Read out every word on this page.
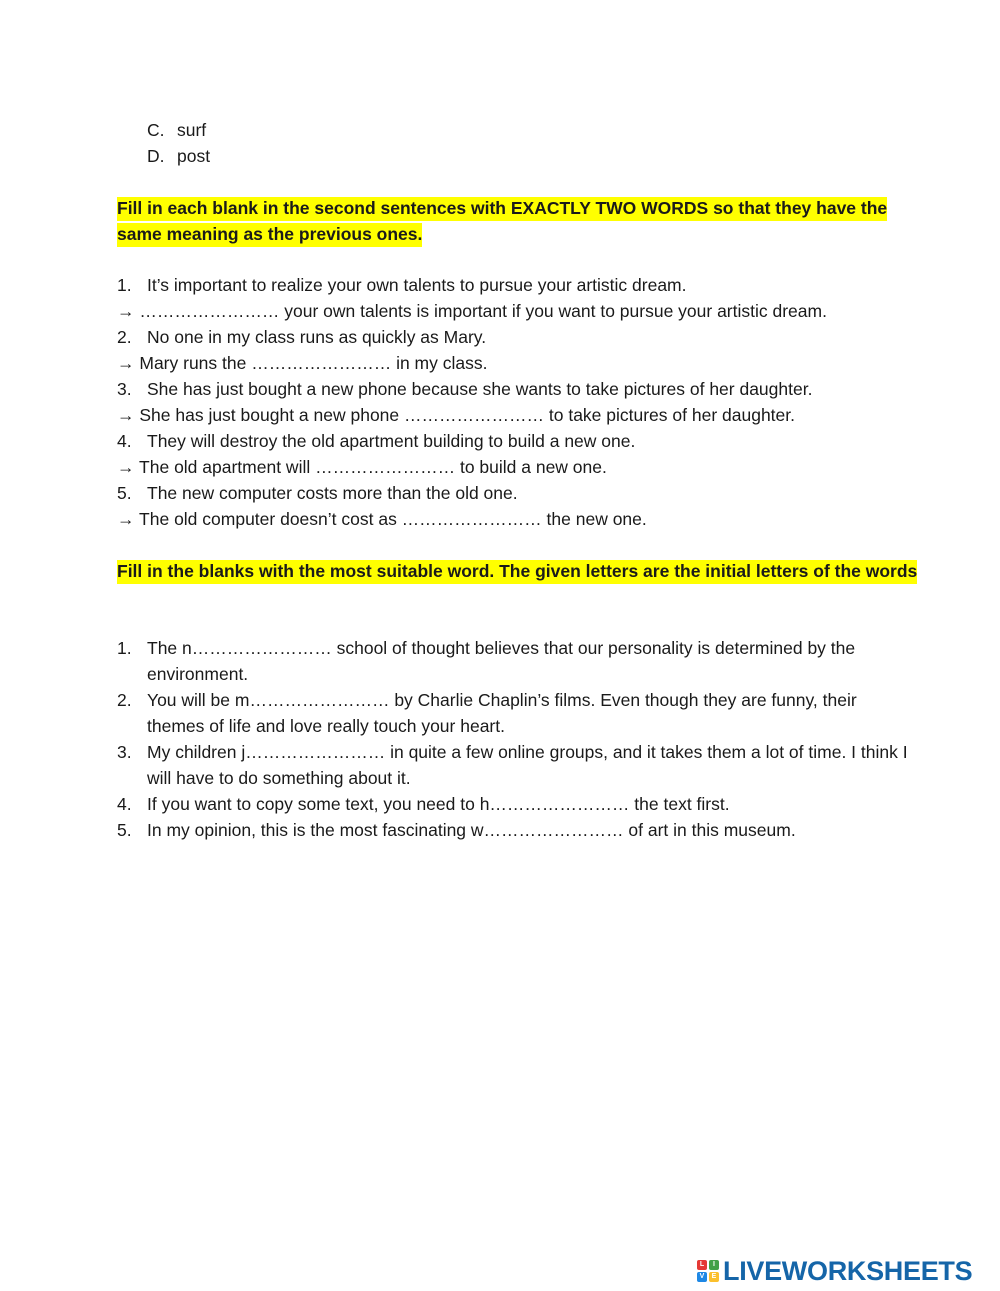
C. surf
D. post
Fill in each blank in the second sentences with EXACTLY TWO WORDS so that they have the same meaning as the previous ones.
1. It’s important to realize your own talents to pursue your artistic dream.
→ …………………… your own talents is important if you want to pursue your artistic dream.
2. No one in my class runs as quickly as Mary.
→ Mary runs the …………………… in my class.
3. She has just bought a new phone because she wants to take pictures of her daughter.
→ She has just bought a new phone …………………… to take pictures of her daughter.
4. They will destroy the old apartment building to build a new one.
→ The old apartment will …………………… to build a new one.
5. The new computer costs more than the old one.
→ The old computer doesn’t cost as …………………… the new one.
Fill in the blanks with the most suitable word. The given letters are the initial letters of the words
1. The n…………………… school of thought believes that our personality is determined by the environment.
2. You will be m…………………… by Charlie Chaplin’s films. Even though they are funny, their themes of life and love really touch your heart.
3. My children j…………………… in quite a few online groups, and it takes them a lot of time. I think I will have to do something about it.
4. If you want to copy some text, you need to h…………………… the text first.
5. In my opinion, this is the most fascinating w…………………… of art in this museum.
L	I
V	E LIVEWORKSHEETS
